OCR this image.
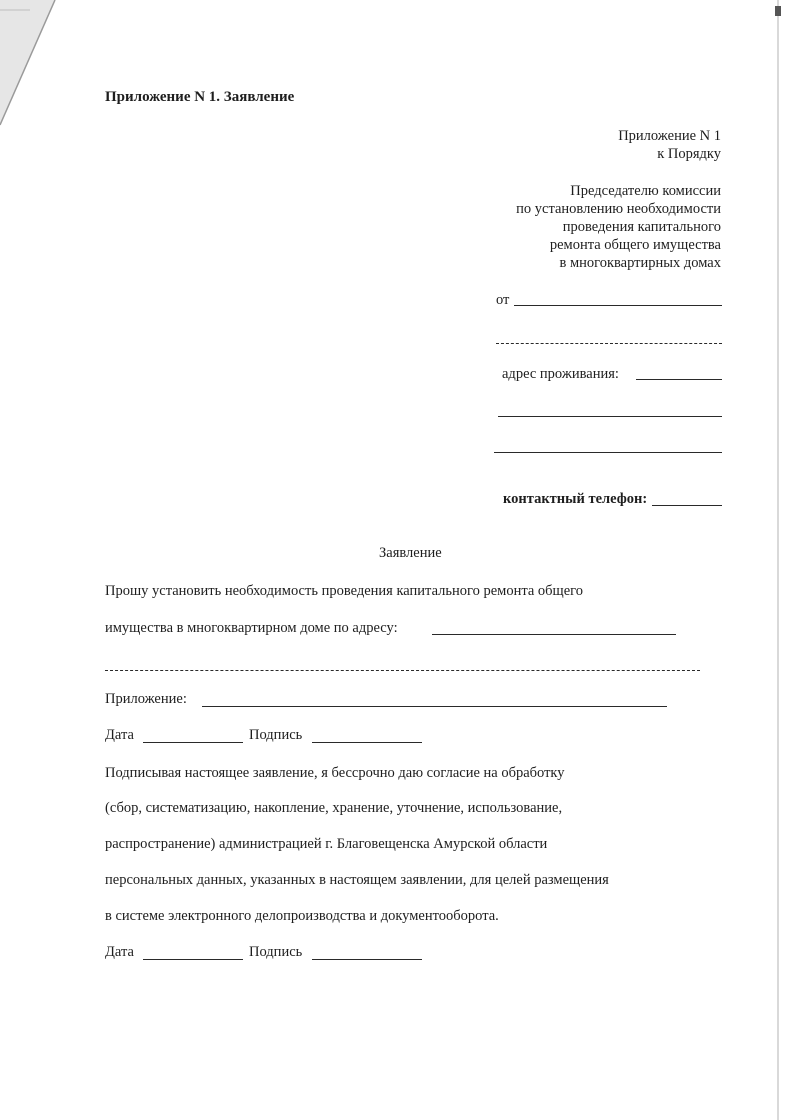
Приложение N 1. Заявление
Приложение N 1
к Порядку
Председателю комиссии
по установлению необходимости
проведения капитального
ремонта общего имущества
в многоквартирных домах
от
адрес проживания:
контактный телефон:
Заявление
Прошу установить необходимость проведения капитального ремонта общего
имущества в многоквартирном доме по адресу:
Приложение:
Дата	Подпись
Подписывая настоящее заявление, я бессрочно даю согласие на обработку
(сбор, систематизацию, накопление, хранение, уточнение, использование,
распространение) администрацией г. Благовещенска Амурской области
персональных данных, указанных в настоящем заявлении, для целей размещения
в системе электронного делопроизводства и документооборота.
Дата	Подпись
